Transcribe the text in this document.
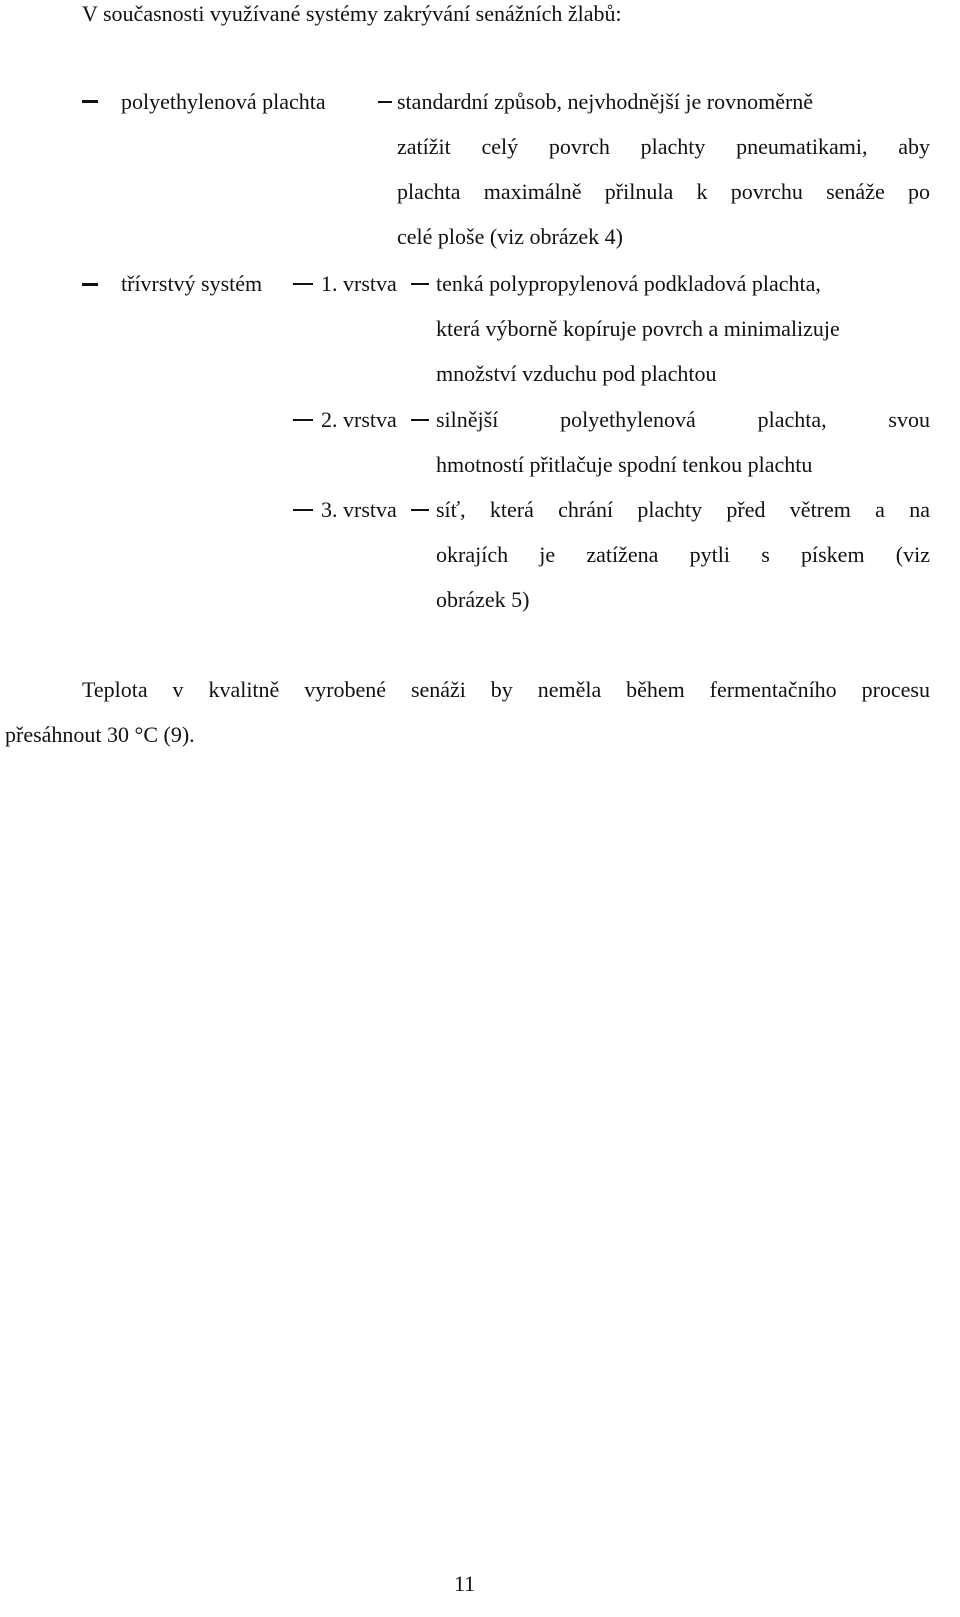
V současnosti využívané systémy zakrývání senážních žlabů:
polyethylenová plachta	standardní způsob, nejvhodnější je rovnoměrně
zatížit celý povrch plachty pneumatikami, aby
plachta maximálně přilnula k povrchu senáže po
celé ploše (viz obrázek 4)
třívrstvý systém	1. vrstva tenká polypropylenová podkladová plachta,
která výborně kopíruje povrch a minimalizuje
množství vzduchu pod plachtou
2. vrstva silnější polyethylenová plachta, svou
hmotností přitlačuje spodní tenkou plachtu
3. vrstva síť, která chrání plachty před větrem a na
okrajích je zatížena pytli s pískem (viz
obrázek 5)
Teplota v kvalitně vyrobené senáži by neměla během fermentačního procesu
přesáhnout 30 °C (9).
11
